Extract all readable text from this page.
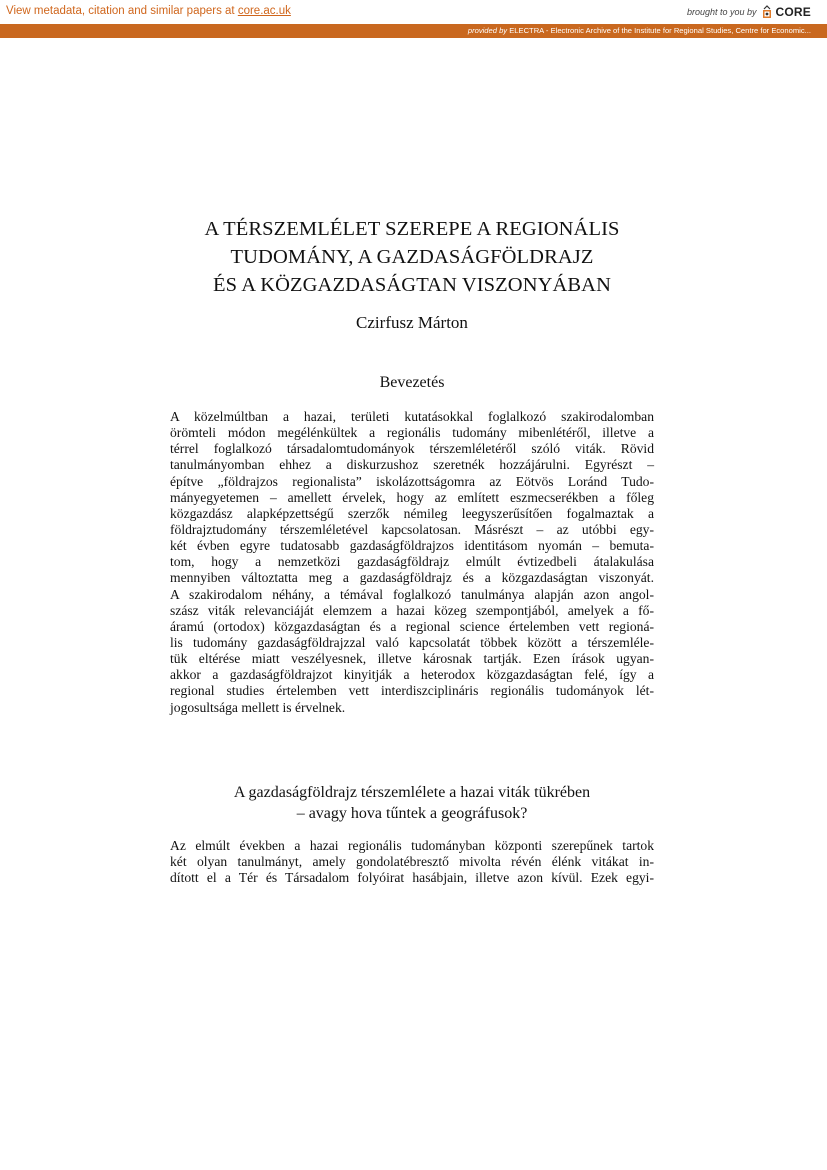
View metadata, citation and similar papers at core.ac.uk	brought to you by CORE
provided by ELECTRA - Electronic Archive of the Institute for Regional Studies, Centre for Economic...
A TÉRSZEMLÉLET SZEREPE A REGIONÁLIS
TUDOMÁNY, A GAZDASÁGFÖLDRAJZ
ÉS A KÖZGAZDASÁGTAN VISZONYÁBAN
Czirfusz Márton
Bevezetés
A közelmúltban a hazai, területi kutatásokkal foglalkozó szakirodalomban
örömteli módon megélénkültek a regionális tudomány mibenlétéről, illetve a
térrel foglalkozó társadalomtudományok térszemléletéről szóló viták. Rövid
tanulmányomban ehhez a diskurzushoz szeretnék hozzájárulni. Egyrészt –
építve „földrajzos regionalista” iskolázottságomra az Eötvös Loránd Tudo-
mányegyetemen – amellett érvelek, hogy az említett eszmecserékben a főleg
közgazdász alapképzettségű szerzők némileg leegyszerűsítően fogalmaztak a
földrajztudomány térszemléletével kapcsolatosan. Másrészt – az utóbbi egy-
két évben egyre tudatosabb gazdaságföldrajzos identitásom nyomán – bemuta-
tom, hogy a nemzetközi gazdaságföldrajz elmúlt évtizedbeli átalakulása
mennyiben változtatta meg a gazdaságföldrajz és a közgazdaságtan viszonyát.
A szakirodalom néhány, a témával foglalkozó tanulmánya alapján azon angol-
szász viták relevanciáját elemzem a hazai közeg szempontjából, amelyek a fő-
áramú (ortodox) közgazdaságtan és a regional science értelemben vett regioná-
lis tudomány gazdaságföldrajzzal való kapcsolatát többek között a térszemléle-
tük eltérése miatt veszélyesnek, illetve károsnak tartják. Ezen írások ugyan-
akkor a gazdaságföldrajzot kinyitják a heterodox közgazdaságtan felé, így a
regional studies értelemben vett interdiszciplináris regionális tudományok lét-
jogosultsága mellett is érvelnek.
A gazdaságföldrajz térszemlélete a hazai viták tükrében
– avagy hova tűntek a geográfusok?
Az elmúlt években a hazai regionális tudományban központi szerepűnek tartok
két olyan tanulmányt, amely gondolatébresztő mivolta révén élénk vitákat in-
dított el a Tér és Társadalom folyóirat hasábjain, illetve azon kívül. Ezek egyi-
